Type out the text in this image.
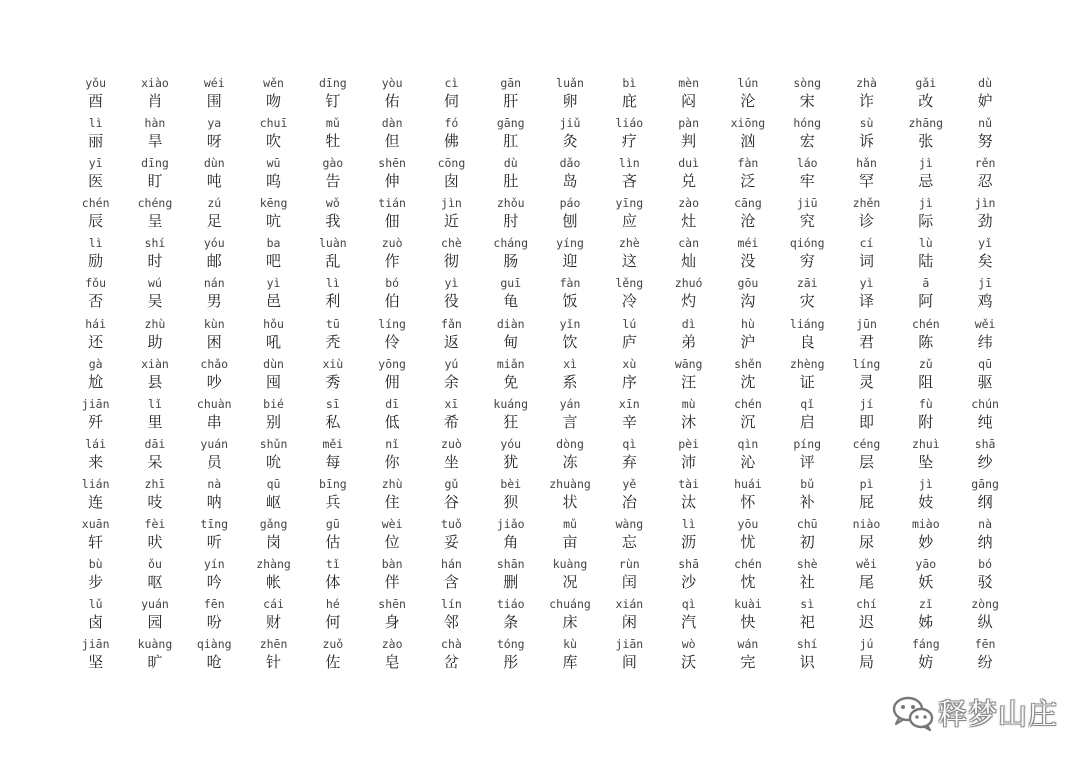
yǒu
酉
xiào
肖
wéi
围
wěn
吻
dīng
钉
yòu
佑
cì
伺
gān
肝
luǎn
卵
bì
庇
mèn
闷
lún
沦
sòng
宋
zhà
诈
gǎi
改
dù
妒
lì
丽
hàn
旱
ya
呀
chuī
吹
mǔ
牡
dàn
但
fó
佛
gāng
肛
jiǔ
灸
liáo
疗
pàn
判
xiōng
汹
hóng
宏
sù
诉
zhāng
张
nǔ
努
yī
医
dīng
盯
dùn
吨
wū
呜
gào
告
shēn
伸
cōng
囱
dù
肚
dǎo
岛
lìn
吝
duì
兑
fàn
泛
láo
牢
hǎn
罕
jì
忌
rěn
忍
chén
辰
chéng
呈
zú
足
kēng
吭
wǒ
我
tián
佃
jìn
近
zhǒu
肘
páo
刨
yīng
应
zào
灶
cāng
沧
jiū
究
zhěn
诊
jì
际
jìn
劲
lì
励
shí
时
yóu
邮
ba
吧
luàn
乱
zuò
作
chè
彻
cháng
肠
yíng
迎
zhè
这
càn
灿
méi
没
qióng
穷
cí
词
lù
陆
yǐ
矣
fǒu
否
wú
吴
nán
男
yì
邑
lì
利
bó
伯
yì
役
guī
龟
fàn
饭
lěng
冷
zhuó
灼
gōu
沟
zāi
灾
yì
译
ā
阿
jī
鸡
hái
还
zhù
助
kùn
困
hǒu
吼
tū
秃
líng
伶
fǎn
返
diàn
甸
yǐn
饮
lú
庐
dì
弟
hù
沪
liáng
良
jūn
君
chén
陈
wěi
纬
gà
尬
xiàn
县
chǎo
吵
dùn
囤
xiù
秀
yōng
佣
yú
余
miǎn
免
xì
系
xù
序
wāng
汪
shěn
沈
zhèng
证
líng
灵
zǔ
阻
qū
驱
jiān
歼
lǐ
里
chuàn
串
bié
别
sī
私
dī
低
xī
希
kuáng
狂
yán
言
xīn
辛
mù
沐
chén
沉
qǐ
启
jí
即
fù
附
chún
纯
lái
来
dāi
呆
yuán
员
shǔn
吮
měi
每
nǐ
你
zuò
坐
yóu
犹
dòng
冻
qì
弃
pèi
沛
qìn
沁
píng
评
céng
层
zhuì
坠
shā
纱
lián
连
zhī
吱
nà
呐
qū
岖
bīng
兵
zhù
住
gǔ
谷
bèi
狈
zhuàng
状
yě
冶
tài
汰
huái
怀
bǔ
补
pì
屁
jì
妓
gāng
纲
xuān
轩
fèi
吠
tīng
听
gǎng
岗
gū
估
wèi
位
tuǒ
妥
jiǎo
角
mǔ
亩
wàng
忘
lì
沥
yōu
忧
chū
初
niào
尿
miào
妙
nà
纳
bù
步
ǒu
呕
yín
吟
zhàng
帐
tǐ
体
bàn
伴
hán
含
shān
删
kuàng
况
rùn
闰
shā
沙
chén
忱
shè
社
wěi
尾
yāo
妖
bó
驳
lǔ
卤
yuán
园
fēn
吩
cái
财
hé
何
shēn
身
lín
邻
tiáo
条
chuáng
床
xián
闲
qì
汽
kuài
快
sì
祀
chí
迟
zǐ
姊
zòng
纵
jiān
坚
kuàng
旷
qiàng
呛
zhēn
针
zuǒ
佐
zào
皂
chà
岔
tóng
彤
kù
库
jiān
间
wò
沃
wán
完
shí
识
jú
局
fáng
妨
fēn
纷
释梦山庄
